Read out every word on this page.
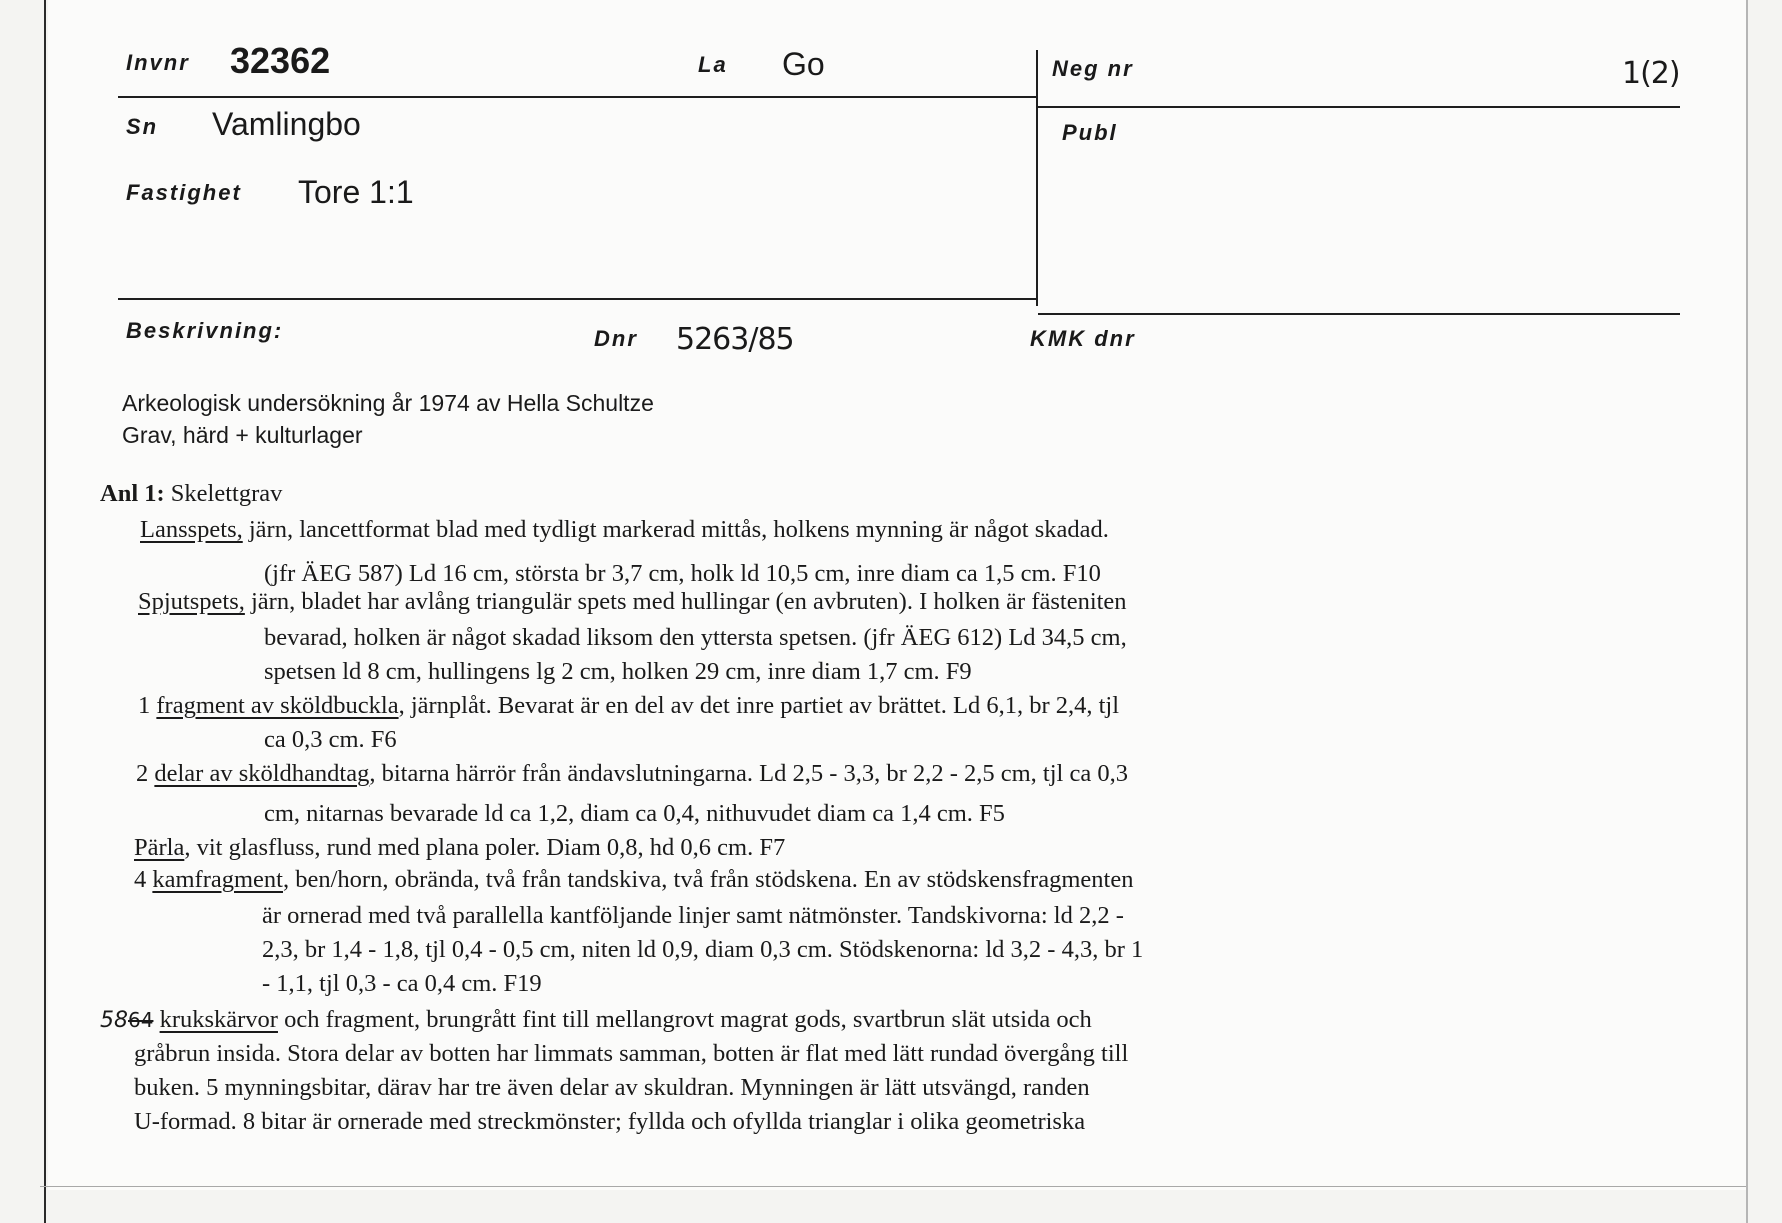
Invnr 32362	La Go	Neg nr	1(2)
Sn Vamlingbo	Publ
Fastighet Tore 1:1
Beskrivning:	Dnr 5263/85	KMK dnr
Arkeologisk undersökning år 1974 av Hella Schultze
Grav, härd + kulturlager
Anl 1: Skelettgrav
Lansspets, järn, lancettformat blad med tydligt markerad mittås, holkens mynning är något skadad.
(jfr ÄEG 587) Ld 16 cm, största br 3,7 cm, holk ld 10,5 cm, inre diam ca 1,5 cm. F10
Spjutspets, järn, bladet har avlång triangulär spets med hullingar (en avbruten). I holken är fästeniten
bevarad, holken är något skadad liksom den yttersta spetsen. (jfr ÄEG 612) Ld 34,5 cm,
spetsen ld 8 cm, hullingens lg 2 cm, holken 29 cm, inre diam 1,7 cm. F9
1 fragment av sköldbuckla, järnplåt. Bevarat är en del av det inre partiet av brättet. Ld 6,1, br 2,4, tjl
ca 0,3 cm. F6
2 delar av sköldhandtag, bitarna härrör från ändavslutningarna. Ld 2,5 - 3,3, br 2,2 - 2,5 cm, tjl ca 0,3
cm, nitarnas bevarade ld ca 1,2, diam ca 0,4, nithuvudet diam ca 1,4 cm. F5
Pärla, vit glasfluss, rund med plana poler. Diam 0,8, hd 0,6 cm. F7
4 kamfragment, ben/horn, obrända, två från tandskiva, två från stödskena. En av stödskensfragmenten
är ornerad med två parallella kantföljande linjer samt nätmönster. Tandskivorna: ld 2,2 -
2,3, br 1,4 - 1,8, tjl 0,4 - 0,5 cm, niten ld 0,9, diam 0,3 cm. Stödskenorna: ld 3,2 - 4,3, br 1
- 1,1, tjl 0,3 - ca 0,4 cm. F19
5864 krukskärvor och fragment, brungrått fint till mellangrovt magrat gods, svartbrun slät utsida och
gråbrun insida. Stora delar av botten har limmats samman, botten är flat med lätt rundad övergång till
buken. 5 mynningsbitar, därav har tre även delar av skuldran. Mynningen är lätt utsvängd, randen
U-formad. 8 bitar är ornerade med streckmönster; fyllda och ofyllda trianglar i olika geometriska
